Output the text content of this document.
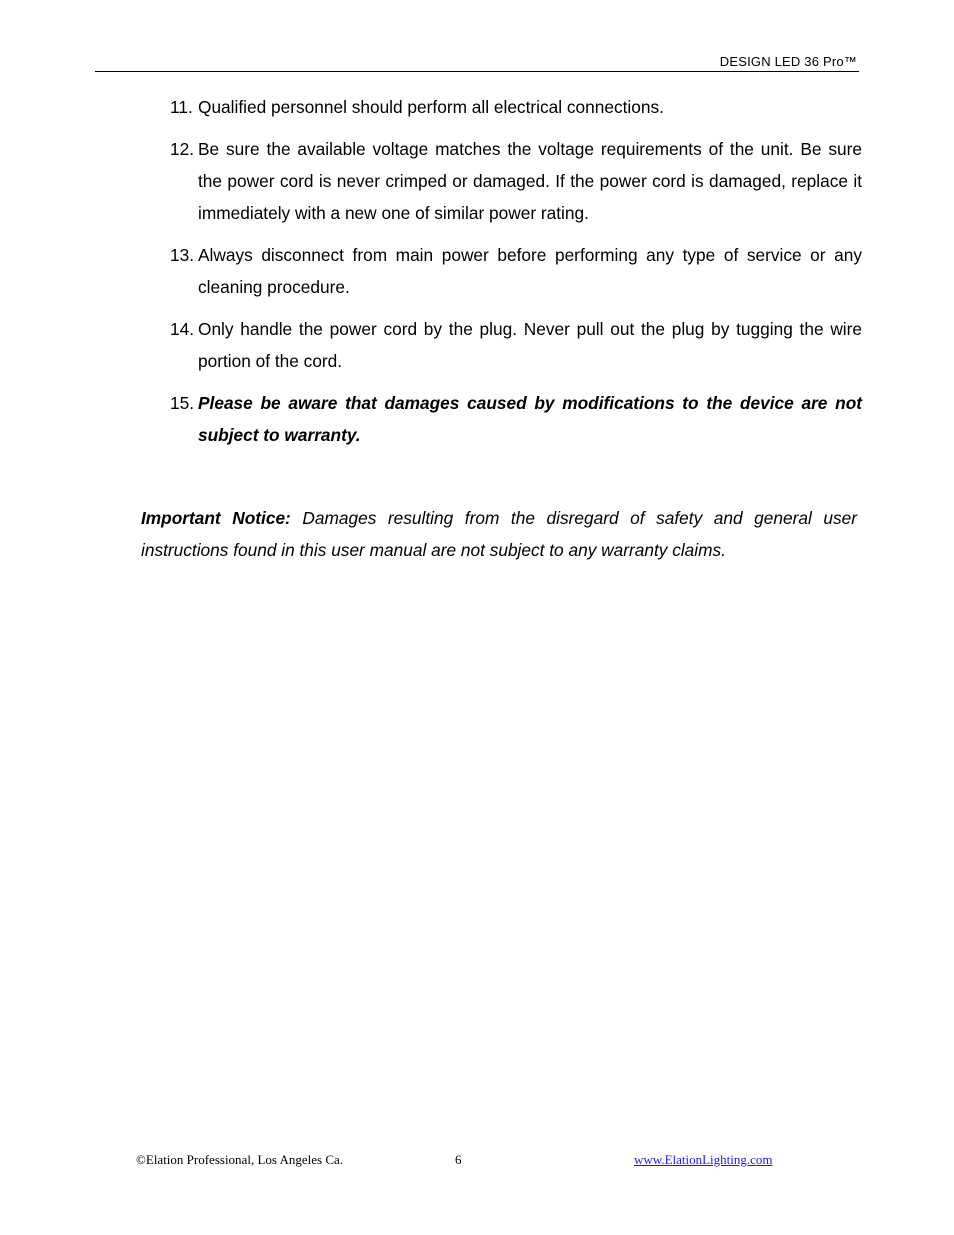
DESIGN LED 36 Pro™
11. Qualified personnel should perform all electrical connections.
12. Be sure the available voltage matches the voltage requirements of the unit. Be sure the power cord is never crimped or damaged. If the power cord is damaged, replace it immediately with a new one of similar power rating.
13. Always disconnect from main power before performing any type of service or any cleaning procedure.
14. Only handle the power cord by the plug. Never pull out the plug by tugging the wire portion of the cord.
15. Please be aware that damages caused by modifications to the device are not subject to warranty.

Important Notice: Damages resulting from the disregard of safety and general user instructions found in this user manual are not subject to any warranty claims.

©Elation Professional, Los Angeles Ca.	6	www.ElationLighting.com
